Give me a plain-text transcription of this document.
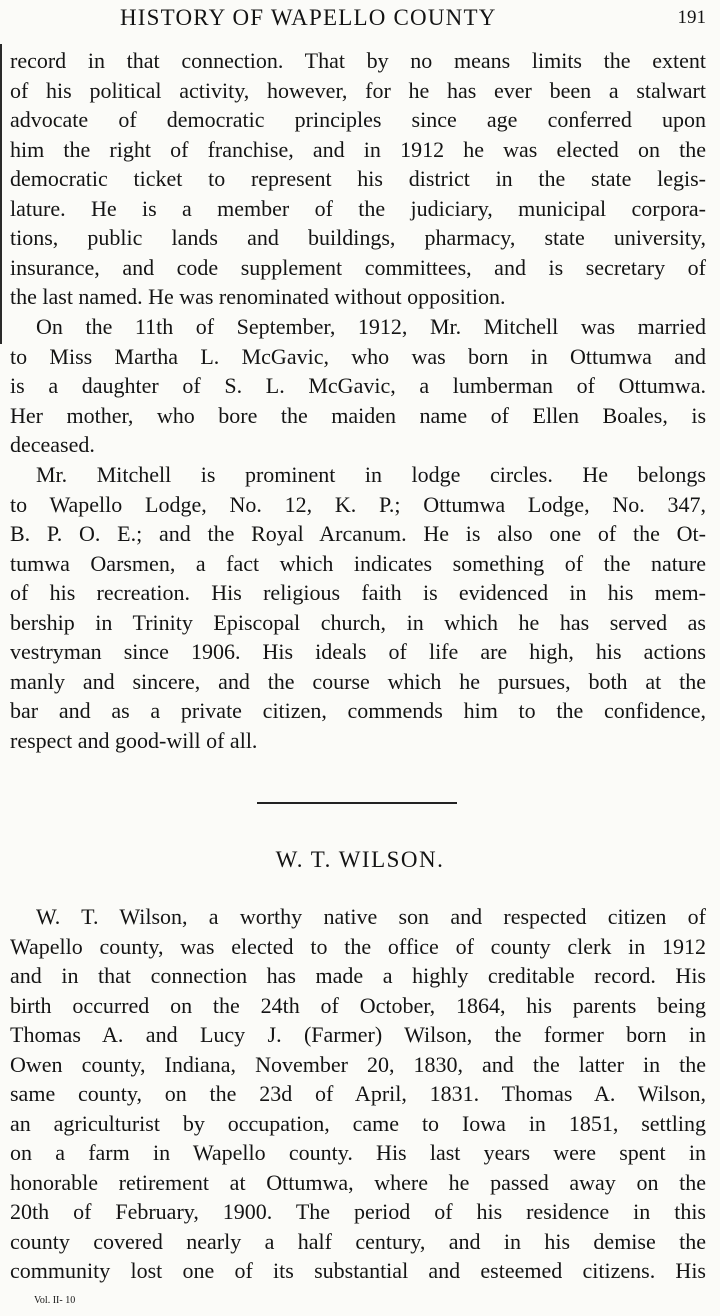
HISTORY OF WAPELLO COUNTY	191
record in that connection. That by no means limits the extent
of his political activity, however, for he has ever been a stalwart
advocate of democratic principles since age conferred upon
him the right of franchise, and in 1912 he was elected on the
democratic ticket to represent his district in the state legis-
lature. He is a member of the judiciary, municipal corpora-
tions, public lands and buildings, pharmacy, state university,
insurance, and code supplement committees, and is secretary of
the last named. He was renominated without opposition.
On the 11th of September, 1912, Mr. Mitchell was married
to Miss Martha L. McGavic, who was born in Ottumwa and
is a daughter of S. L. McGavic, a lumberman of Ottumwa.
Her mother, who bore the maiden name of Ellen Boales, is
deceased.
Mr. Mitchell is prominent in lodge circles. He belongs
to Wapello Lodge, No. 12, K. P.; Ottumwa Lodge, No. 347,
B. P. O. E.; and the Royal Arcanum. He is also one of the Ot-
tumwa Oarsmen, a fact which indicates something of the nature
of his recreation. His religious faith is evidenced in his mem-
bership in Trinity Episcopal church, in which he has served as
vestryman since 1906. His ideals of life are high, his actions
manly and sincere, and the course which he pursues, both at the
bar and as a private citizen, commends him to the confidence,
respect and good-will of all.
W. T. WILSON.
W. T. Wilson, a worthy native son and respected citizen of
Wapello county, was elected to the office of county clerk in 1912
and in that connection has made a highly creditable record. His
birth occurred on the 24th of October, 1864, his parents being
Thomas A. and Lucy J. (Farmer) Wilson, the former born in
Owen county, Indiana, November 20, 1830, and the latter in the
same county, on the 23d of April, 1831. Thomas A. Wilson,
an agriculturist by occupation, came to Iowa in 1851, settling
on a farm in Wapello county. His last years were spent in
honorable retirement at Ottumwa, where he passed away on the
20th of February, 1900. The period of his residence in this
county covered nearly a half century, and in his demise the
community lost one of its substantial and esteemed citizens. His
Vol. II- 10
